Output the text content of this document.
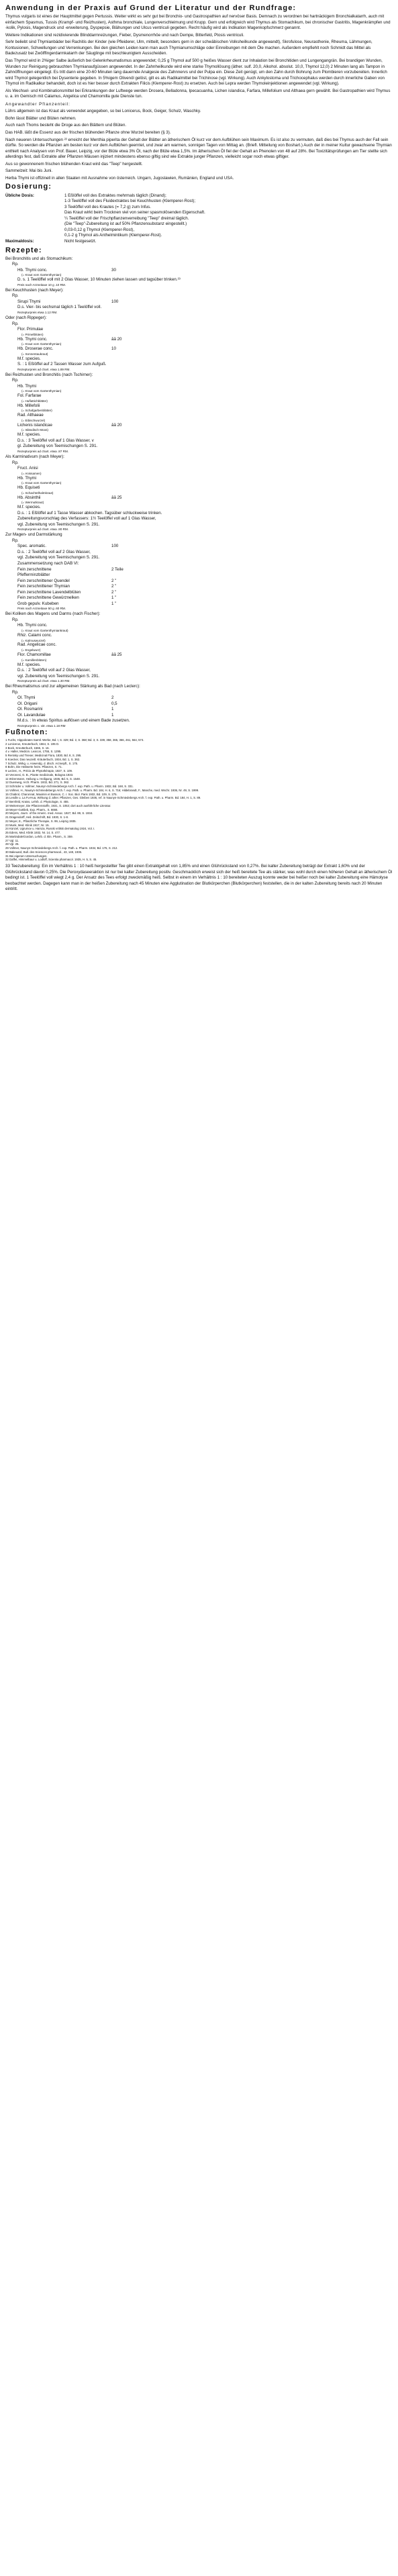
Anwendung in der Praxis auf Grund der Literatur und der Rundfrage:

Thymus vulgaris ist eines der Hauptmittel gegen Pertussis. Weiter wirkt es sehr gut bei Bronchio- und Gastrospathien auf nervöser Basis. Demnach zu verordnen bei hartnäckigem Bronchialkatarrh, auch mit einfachem Spasmus, Tussis (Krampf- und Reizhusten), Asthma bronchiale, Lungenverschleimung und Krupp. Gern und erfolgreich wird Thymus als Stomachikum, bei chronischer Gastritis, Magenkrämpfen und -kolik, Pylosis, Magendruck und -erweiterung, Dyspepsie, Blähungen und Ulcus ventriculi gegeben. Recht häufig wird als Indikation Magenkopfschmerz genannt.

Weitere Indikationen sind rezidivierende Blinddarmreizungen, Fieber, Dysmenorrhöe und nach Dempe, Bitterfeld, Ptosis ventriculi.

Sehr beliebt sind Thymianbäder bei Rachitis der Kinder (wie Pfleiderer, Ulm, mitteilt, besonders gern in der schwäbischen Volksheilkunde angewandt), Skrofulose, Neurasthenie, Rheuma, Lähmungen, Kontusionen, Schwellungen und Verrenkungen. Bei den gleichen Leiden kann man auch Thymianumschläge oder Einreibungen mit dem Öle machen. Außerdem empfiehlt noch Schmidt das Mittel als Badezusatz bei Zwölffingerdarmkatarrh der Säuglinge mit beschleunigtem Ausscheiden.

Das Thymol wird in 2%iger Salbe äußerlich bei Gelenkrheumatismus angewendet; 0,25 g Thymol auf 500 g heißes Wasser dient zur Inhalation bei Bronchitiden und Lungengangrän. Bei brandigen Wunden, Wunden zur Reinigung gebrauchten Thymianaufgüssen angewendet. In der Zahnheilkunde wird eine starke Thymollösung (äther. sulf. 20,0, Alkohol. absolut. 10,0, Thymol 12,0) 2 Minuten lang als Tampon in Zahnöffnungen eingelegt. Es tritt dann eine 20-60 Minuten lang dauernde Analgesie des Zahnnervs und der Pulpa ein. Diese Zeit genügt, um den Zahn durch Bohrung zum Plombieren vorzubereiten. Innerlich wird Thymol gelegentlich bei Dysenterie gegeben. In 5%igem Olivenöl gelöst, gilt es als Radikalmittel bei Trichinose (vgl. Wirkung). Auch Ankylostoma und Trichocephalus werden durch innerliche Gaben von Thymol im Radikalkur behandelt, doch ist es hier besser durch Extrakten Filicis (Klemperer-Rost) zu ersetzen. Auch bei Lepra werden Thymoleinjektionen angewendet (vgl. Wirkung).

Als Wechsel- und Kombinationsmittel bei Erkrankungen der Luftwege werden Drosera, Belladonna, Ipecacuanha, Lichen islandica, Farfara, Millefolium und Althaea gern gewählt. Bei Gastropathien wird Thymus u. a. im Gemisch mit Calamus, Angelica und Chamomilla gute Dienste tun.

Angewandter Pflanzenteil:

Lührs allgemein ist das Kraut als verwendet angegeben, so bei Lonicerus, Bock, Geiger, Schulz, Waschky.

Bohn lässt Blätter und Blüten nehmen.

Auch nach Thoms besteht die Droge aus den Blättern und Blüten.

Das HAB. läßt die Essenz aus der frischen blühenden Pflanze ohne Wurzel bereiten (§ 3).

Nach neueren Untersuchungen ²² erreicht der Menthia piperita der Gehalt der Blätter an ätherischem Öl kurz vor dem Aufblühen sein Maximum. Es ist also zu vermuten, daß dies bei Thymus auch der Fall sein dürfte. So werden die Pflanzen am besten kurz vor dem Aufblühen geerntet, und zwar am warmen, sonnigen Tagen von Mittag an. (Briefl. Mitteilung von Boshart.) Auch der in meiner Kultur gewachsene Thymian enthielt nach Analysen von Prof. Bauer, Leipzig, vor der Blüte etwa 3% Öl, nach der Blüte etwa 1,5%. Im ätherischen Öl fiel der Gehalt an Phenolen von 48 auf 28%. Bei Toxizitätsprüfungen am Tier stellte sich allerdings fest, daß Extrakte aller Pflanzen Mäusen injiziert mindestens ebenso giftig sind wie Extrakte junger Pflanzen, vielleicht sogar noch etwas giftiger.

Aus so gewonnenem frischen blühenden Kraut wird das "Teep" hergestellt.

Sammelzeit: Mai bis Juni.

Herba Thymi ist offizinell in allen Staaten mit Ausnahme von österreich. Ungarn, Jugoslawien, Rumänien, England und USA.

Dosierung:
Übliche Dosis:	1 Eßlöffel voll des Extraktes mehrmals täglich (Dinand);
1-3 Teelöffel voll des Fluidextraktes bei Keuchhusten (Klemperer-Rost);
3 Teelöffel voll des Krautes (= 7,2 g) zum Infus.
Das Kraut wirkt beim Trocknen viel von seiner spasmolösenden Eigenschaft.
¼ Teelöffel voll der Frischpflanzenverreibung "Teep" dreimal täglich.
(Die "Teep"-Zubereitung ist auf 50% Pflanzensubstanz eingestellt.)
0,03-0,12 g Thymol (Klemperer-Rost),
0,1-2 g Thymol als Anthelmintikum (Klemperer-Rost).
Maximaldosis:	Nicht festgesetzt.
Rezepte:
Bei Bronchitis und als Stomachikum:
Rp.
Hb. Thymi conc.	30
(= Kraut vom Gartenthymian)
D. s. 1 Teelöffel voll mit 2 Glas Wasser, 10 Minuten ziehen lassen und tagsüber trinken.²³
Preis nach Arzneitaxe 10 g .10 RM.
Bei Keuchhusten (nach Meyer):
Rp.
Sirupi Thymi	100
D.s. Vier- bis sechsmal täglich 1 Teelöffel voll.
Rezepturpreis etwa 1.12 RM.
Oder (nach Rippeger):
Rp.
Flor. Primulae
(= Primelblüten)
Hb. Thymi conc.	āā 20
(= Kraut vom Gartenthymian)
Hb. Droserae conc.	10
(= Sonnentaukraut)
M.f. species.
S. : 1 Eßlöffel auf 2 Tassen Wasser zum Aufguß.
Rezepturpreis ad chart. etwa 1.89 RM.
Bei Reizhusten und Bronchitis (nach Tschirner):
Rp.
Hb. Thymi
(= Kraut vom Gartenthymian)
Fol. Farfarae
(= Huflattichblätter)
Hb. Millefolii
(= Schafgarbenblätter)
Rad. Althaeae
(= Eibischwurzel)
Lichenis islandicae	āā 20
(= Isländisch Moos)
M.f. species.
D.s. : 3 Teelöffel voll auf 1 Glas Wasser, v
gl. Zubereitung von Teemischungen S. 291.
Rezepturpreis ad chart. etwa .87 RM.
Als Karminativum (nach Meyer):
Rp.
Fruct. Anisi
(= Anissamen)
Hb. Thymi
(= Kraut vom Gartenthymian)
Hb. Equiseti
(= Schachtelhalmkraut)
Hb. Absinthii	āā 25
(= Wermutkraut)
M.f. species.
D.s. : 1 Eßlöffel auf 1 Tasse Wasser abkochen. Tagsüber schluckweise trinken.
Zubereitungsvorschlag des Verfassers: 1½ Teelöffel voll auf 1 Glas Wasser,
vgl. Zubereitung von Teemischungen S. 291.
Rezepturpreis ad chart. etwa .80 RM.
Zur Magen- und Darmstärkung
Rp.
Spec. aromatic.	100
D.s. : 2 Teelöffel voll auf 2 Glas Wasser,
vgl. Zubereitung von Teemischungen S. 291.
Zusammensetzung nach DAB VI:
Fein zerschnittene	2 Teile
Pfefferminzblätter
Fein zerschnittener Quendel	2 "
Fein zerschnittener Thymian	2 "
Fein zerschnittene Lavendelblüten	2 "
Fein zerschnittene Gewürznelken	1 "
Grob gepulv. Kubeben	1 "
Preis nach Arzneitaxe 50 g .60 RM.
Bei Koliken des Magens und Darms (nach Fischer):
Rp.
Hb. Thymi conc.
(= Kraut vom Gartenthymiankraut)
Rhiz. Calami conc.
(= Kalmuswurzel)
Rad. Angelicae conc.
(= Engelwurz)
Flor. Chamomillae	āā 25
(= Kamillenblüten)
M.f. species.
D.s. : 2 Teelöffel voll auf 2 Glas Wasser,
vgl. Zubereitung von Teemischungen S. 291.
Rezepturpreis ad chart. etwa 1.30 RM.
Bei Rheumatismus und zur allgemeinen Stärkung als Bad (nach Leclerc):
Rp.
Ol. Thymi	2
Ol. Origani	0,5
Ol. Rosmarini	1
Ol. Lavandulae	1
M.d.s. : In etwas Spiritus auflösen und einem Bade zusetzen.
Rezepturpreis c. vitr. etwa 1.18 RM
Fußnoten:

1 Fuchs, Hippokrates Samtl. Werke, Bd. I, S. 329; Bd. 2, S. 368; Bd. 3, S. 339, 358, 365, 366, 461, 564, 574.

2 Lonicerus, Kreuterbuch, 1564, S. 195 D.

3 Bock, Kreutterbuch, 1565, S. 16.

4 v. Haller, Medicin. Lexicon, 1755, S. 1295.

5 Rentsky und Trieser, Medicinal Flora, 1830, Bd. 8, S. 295.

6 Koecker, Das neuzeitl. Kräuterbuch, 1934, Bd. 1, S. 362.

7 Schulz, Wirkg. u. Anwendg. d. dtsch. Arzneipfl., S. 175.

8 Bohn, Die Heilwerte heim. Pflanzen, S. 71.

9 Leclerc, H., Précis de Phytothérapie, 1927, S. 109.

10 Veronesi, G. B., Piante medicinale, Bologna 1933.

11 Wizenmann, Heilung u. Heiligung, 1936, Bd. 5, S. 1548.

12 Duenweg, Arch. Pharm. 1932, Bd. 271, S. 362.

13 Schröder u. Vollmer, Naunyn-Schmiedebergs Arch. f. exp. Path. u. Pharm. 1932, Bd. 168, S. 331.

14 Vollmer, H., Naunyn-Schmiedebergs Arch. f. exp. Path. u. Pharm. Bd. 184, H. 6, S. 716; Hildebrandt, F., Manche, med. Wschr. 1936, Nr. 49, S. 1999.

15 Chabrol, Charonnat, Maximin et Busson, C. r. Soc. Biol. Paris 1932, Bd. 109, S. 275.

16 Lendle u. La Fu-Hua, Wirkung d. ather. Pflanzen, Ges. Gleiben 1936, ref. in Naunyn-Schmiedebergs Arch. f. exp. Path. u. Pharm. Bd. 184, H. 1, S. 89.

17 Bernfeld, Kraiss, Lehrb. d. Physiologie, S. 455.

18 Weitemeyer, Die Pflanzenstoffe, 1931, S. 1053; dort auch ausführliche Literatur.

19 Meyer-Gottlieb, Exp. Pharm., S. 6666.

20 Meyers, Journ. of the Americ. med. Assoc. 1927, Bd. 89, S. 1934.

21 Dragendorff, Heil. Zeitschrift, Bd. 1930, S. 1-8.

22 Meyer, E., Pflanzliche Therapie, S. 99, Leipzig 1935.

23 Munk, Med. Klinik 1917, Nr. 15.

24 Künzel, Ugrumov u. Hamza, Russki vrtilski dermatolog 1924, Vol. I.

25 Edens, Med. Klinik 1932, Nr. 14, S. 477.

26 Martindale/Gordon, Lehrb. d. klin. Pharm., S. 359.

27 Vgl. 11.

28 Vgl. 25.

29 Vollmer, Naunyn-Schmiedebergs Arch. f. exp. Path. u. Pharm. 1934, Bd. 176, S. 212.

30 Bakeuard, Bull. des Sciences pharmacol., 43, 148, 1936.

31 Bei eigenen Untersuchungen.

32 Daffet, Himmelbaur u. Lodloff, Scientia pharmacol. 1935, H. 5, S. 45.

33 Teezubereitung: Ein im Verhältnis 1 : 10 heiß hergestellter Tee gibt einen Extraktgehalt von 1,85% und einen Glührückstand von 0,27%. Bei kalter Zubereitung beträgt der Extrakt 1,60% und der Glührückstand davon 0,25%. Die Peroxydaseeraktion ist nur bei kalter Zubereitung positiv. Geschmacklich erweist sich der heiß bereitete Tee als stärker, was wohl durch einen höheren Gehalt an ätherischem Öl bedingt ist. 1 Teelöffel voll wiegt 2,4 g. Der Ansatz des Tees erfolgt zweckmäßig heiß. Selbst in einem im Verhältnis 1 : 10 bereiteten Auszug konnte weder bei heißer noch bei kalter Zubereitung eine Hämolyse beobachtet werden. Dagegen kann man in der heißen Zubereitung nach 45 Minuten eine Agglutination der Blutkörperchen (Blutkörperchen) feststellen, die in der kalten Zubereitung bereits nach 20 Minuten eintritt.
